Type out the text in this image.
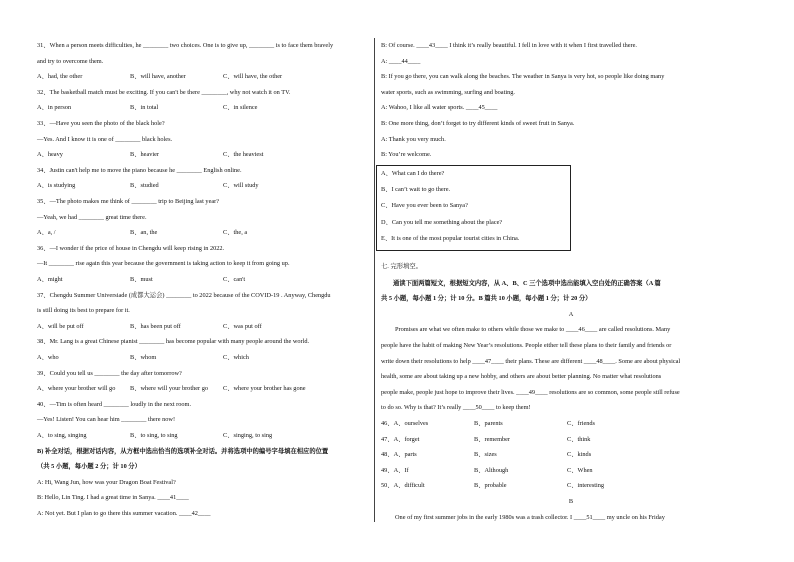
31、When a person meets difficulties, he ________ two choices. One is to give up, ________ is to face them bravely
and try to overcome them.
A、had, the other	B、will have, another	C、will have, the other
32、The basketball match must be exciting. If you can't be there ________, why not watch it on TV.
A、in person	B、in total	C、in silence
33、—Have you seen the photo of the black hole?
—Yes. And I know it is one of ________ black holes.
A、heavy	B、heavier	C、the heaviest
34、Justin can't help me to move the piano because he ________ English online.
A、is studying	B、studied	C、will study
35、—The photo makes me think of ________ trip to Beijing last year?
—Yeah, we had ________ great time there.
A、a, /	B、an, the	C、the, a
36、—I wonder if the price of house in Chengdu will keep rising in 2022.
—It ________ rise again this year because the government is taking action to keep it from going up.
A、might	B、must	C、can't
37、Chengdu Summer Universiade (成都大运会) ________ to 2022 because of the COVID-19 . Anyway, Chengdu
is still doing its best to prepare for it.
A、will be put off	B、has been put off	C、was put off
38、Mr. Lang is a great Chinese pianist ________ has become popular with many people around the world.
A、who	B、whom	C、which
39、Could you tell us ________ the day after tomorrow?
A、where your brother will go B、where will your brother go C、where your brother has gone
40、—Tim is often heard ________ loudly in the next room.
—Yes! Listen! You can hear him ________ there now!
A、to sing, singing	B、to sing, to sing	C、singing, to sing
B) 补全对话，根据对话内容，从方框中选出恰当的选项补全对话。并将选项中的编号字母填在相应的位置
（共 5 小题，每小题 2 分；计 10 分）
A: Hi, Wang Jun, how was your Dragon Boat Festival?
B: Hello, Lin Ting. I had a great time in Sanya. ____41____
A: Not yet. But I plan to go there this summer vacation. ____42____
B: Of course. ____43____ I think it’s really beautiful. I fell in love with it when I first travelled there.
A: ____44____
B: If you go there, you can walk along the beaches. The weather in Sanya is very hot, so people like doing many
water sports, such as swimming, surfing and boating.
A: Wahoo, I like all water sports. ____45____
B: One more thing, don’t forget to try different kinds of sweet fruit in Sanya.
A: Thank you very much.
B: You’re welcome.
七. 完形填空。
通读下面两篇短文，根据短文内容，从 A、B、C 三个选项中选出能填入空白处的正确答案（A 篇
共 5 小题，每小题 1 分；计 10 分。B 篇共 10 小题，每小题 1 分；计 20 分）
A
Promises are what we often make to others while those we make to ____46____ are called resolutions. Many
people have the habit of making New Year’s resolutions. People either tell these plans to their family and friends or
write down their resolutions to help ____47____ their plans. These are different ____48____. Some are about physical
health, some are about taking up a new hobby, and others are about better planning. No matter what resolutions
people make, people just hope to improve their lives. ____49____ resolutions are so common, some people still refuse
to do so. Why is that? It’s really ____50____ to keep them!
46、A、ourselves	B、parents	C、friends
47、A、forget	B、remember	C、think
48、A、parts	B、sizes	C、kinds
49、A、If	B、Although	C、When
50、A、difficult	B、probable	C、interesting
B
One of my first summer jobs in the early 1980s was a trash collector. I ____51____ my uncle on his Friday
A、What can I do there?
B、I can’t wait to go there.
C、Have you ever been to Sanya?
D、Can you tell me something about the place?
E、It is one of the most popular tourist cities in China.
